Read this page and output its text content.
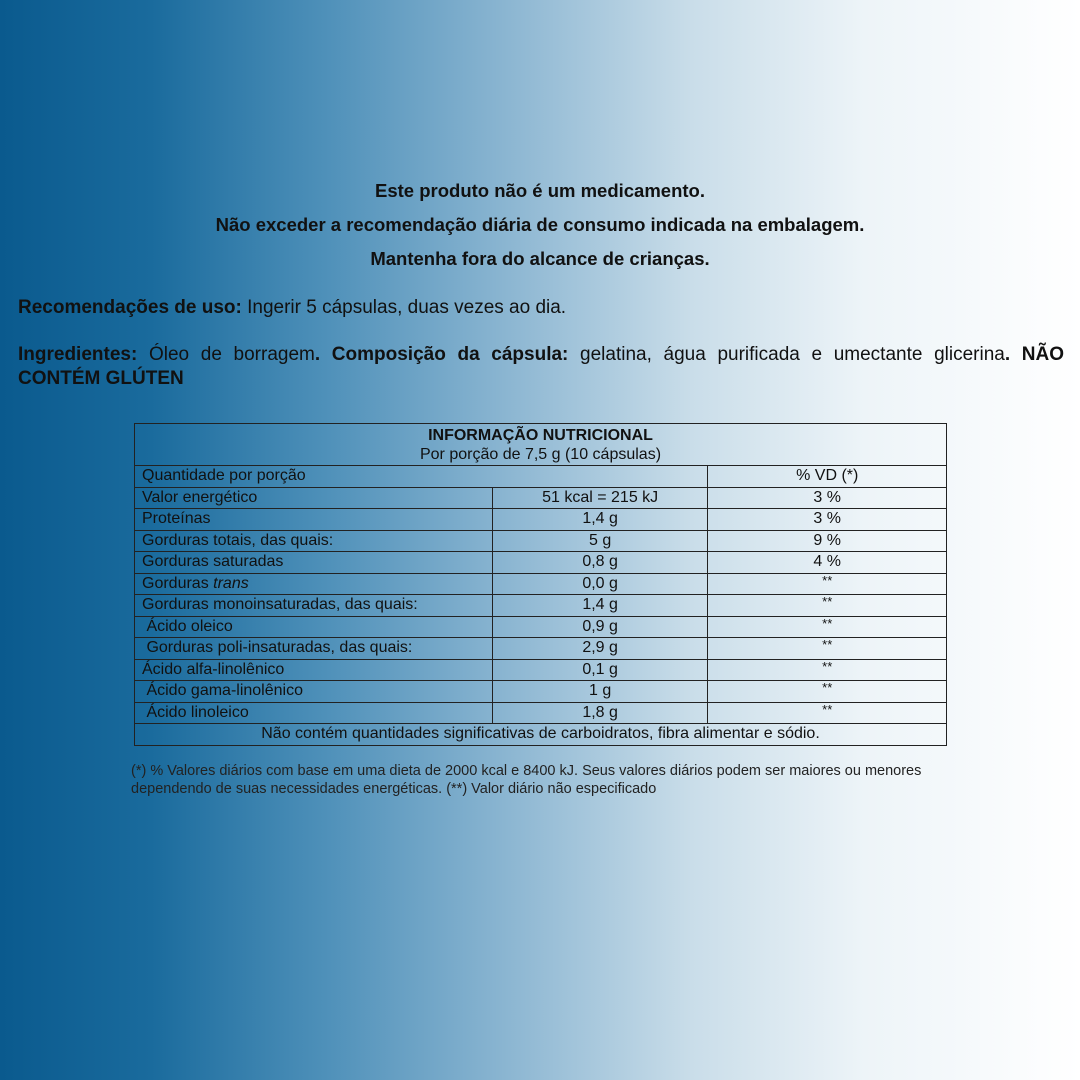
Este produto não é um medicamento.
Não exceder a recomendação diária de consumo indicada na embalagem.
Mantenha fora do alcance de crianças.
Recomendações de uso: Ingerir 5 cápsulas, duas vezes ao dia.
Ingredientes: Óleo de borragem. Composição da cápsula: gelatina, água purificada e umectante glicerina. NÃO CONTÉM GLÚTEN
INFORMAÇÃO NUTRICIONAL
Por porção de 7,5 g (10 cápsulas)		

Quantidade por porção		% VD (*)
Valor energético	51 kcal = 215 kJ	3 %
Proteínas	1,4 g	3 %
Gorduras totais, das quais:	5 g	9 %
Gorduras saturadas	0,8 g	4 %
Gorduras trans	0,0 g	**
Gorduras monoinsaturadas, das quais:	1,4 g	**
Ácido oleico	0,9 g	**
Gorduras poli-insaturadas, das quais:	2,9 g	**
Ácido alfa-linolênico	0,1 g	**
Ácido gama-linolênico	1 g	**
Ácido linoleico	1,8 g	**
Não contém quantidades significativas de carboidratos, fibra alimentar e sódio.		
(*) % Valores diários com base em uma dieta de 2000 kcal e 8400 kJ. Seus valores diários podem ser maiores ou menores dependendo de suas necessidades energéticas. (**) Valor diário não especificado
